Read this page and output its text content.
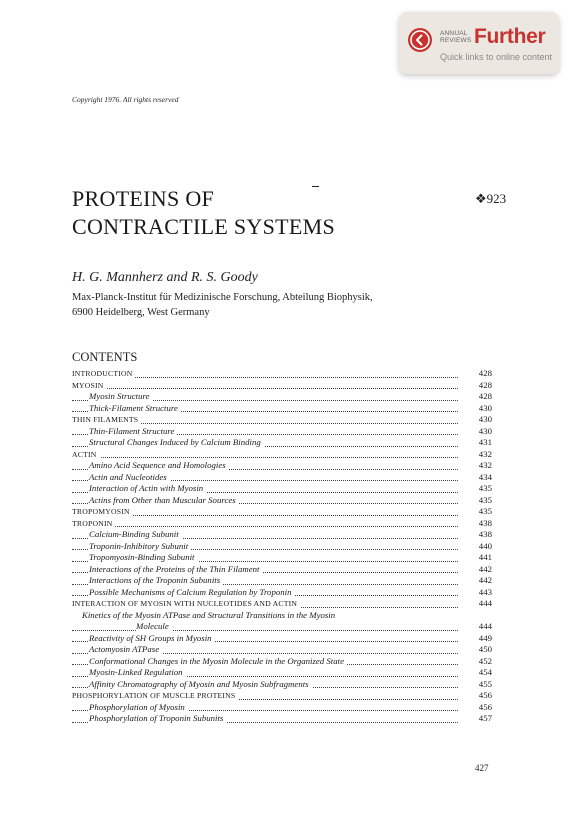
ANNUAL
REVIEWS Further
Quick links to online content
Copyright 1976. All rights reserved
PROTEINS OF
CONTRACTILE SYSTEMS
❖923
H. G. Mannherz and R. S. Goody
Max-Planck-Institut für Medizinische Forschung, Abteilung Biophysik,
6900 Heidelberg, West Germany
CONTENTS
INTRODUCTION	428
MYOSIN	428
Myosin Structure	428
Thick-Filament Structure	430
THIN FILAMENTS	430
Thin-Filament Structure	430
Structural Changes Induced by Calcium Binding	431
ACTIN	432
Amino Acid Sequence and Homologies	432
Actin and Nucleotides	434
Interaction of Actin with Myosin	435
Actins from Other than Muscular Sources	435
TROPOMYOSIN	435
TROPONIN	438
Calcium-Binding Subunit	438
Troponin-Inhibitory Subunit	440
Tropomyosin-Binding Subunit	441
Interactions of the Proteins of the Thin Filament	442
Interactions of the Troponin Subunits	442
Possible Mechanisms of Calcium Regulation by Troponin	443
INTERACTION OF MYOSIN WITH NUCLEOTIDES AND ACTIN	444
Kinetics of the Myosin ATPase and Structural Transitions in the Myosin
Molecule	444
Reactivity of SH Groups in Myosin	449
Actomyosin ATPase	450
Conformational Changes in the Myosin Molecule in the Organized State	452
Myosin-Linked Regulation	454
Affinity Chromatography of Myosin and Myosin Subfragments	455
PHOSPHORYLATION OF MUSCLE PROTEINS	456
Phosphorylation of Myosin	456
Phosphorylation of Troponin Subunits	457
427
